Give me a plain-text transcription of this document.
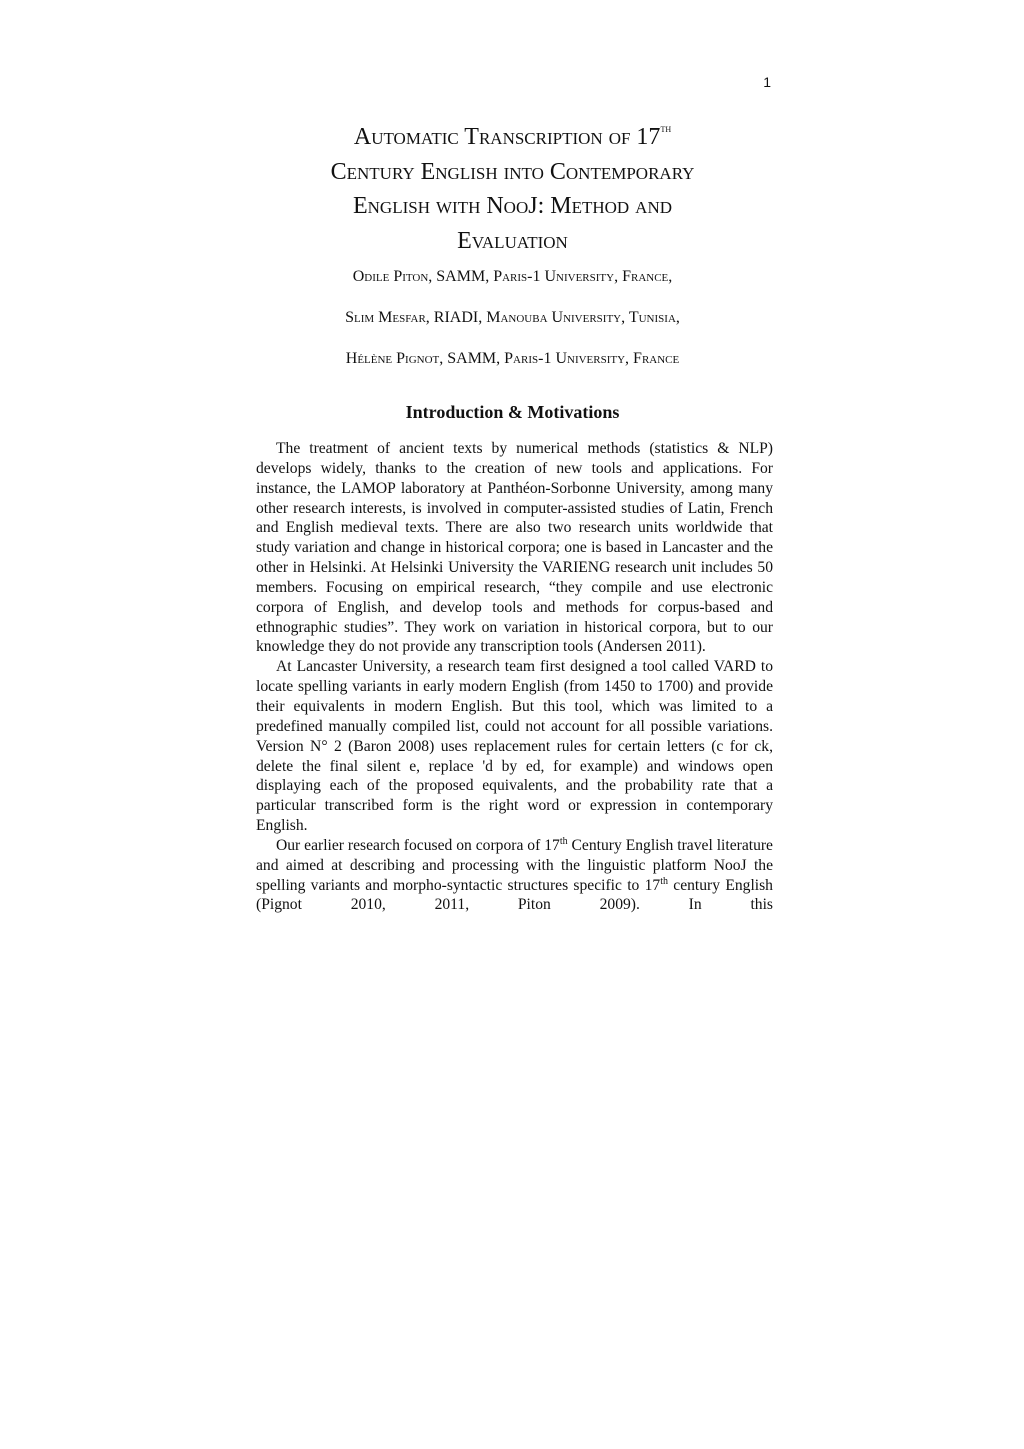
1
Automatic Transcription of 17th
Century English into Contemporary
English with NooJ: Method and
Evaluation
Odile Piton, SAMM, Paris-1 University, France,
Slim Mesfar, RIADI, Manouba University, Tunisia,
Hélène Pignot, SAMM, Paris-1 University, France
Introduction & Motivations

The treatment of ancient texts by numerical methods (statistics & NLP) develops widely, thanks to the creation of new tools and applications. For instance, the LAMOP laboratory at Panthéon-Sorbonne University, among many other research interests, is involved in computer-assisted studies of Latin, French and English medieval texts. There are also two research units worldwide that study variation and change in historical corpora; one is based in Lancaster and the other in Helsinki. At Helsinki University the VARIENG research unit includes 50 members. Focusing on empirical research, “they compile and use electronic corpora of English, and develop tools and methods for corpus-based and ethnographic studies”. They work on variation in historical corpora, but to our knowledge they do not provide any transcription tools (Andersen 2011).

At Lancaster University, a research team first designed a tool called VARD to locate spelling variants in early modern English (from 1450 to 1700) and provide their equivalents in modern English. But this tool, which was limited to a predefined manually compiled list, could not account for all possible variations. Version N° 2 (Baron 2008) uses replacement rules for certain letters (c for ck, delete the final silent e, replace 'd by ed, for example) and windows open displaying each of the proposed equivalents, and the probability rate that a particular transcribed form is the right word or expression in contemporary English.

Our earlier research focused on corpora of 17th Century English travel literature and aimed at describing and processing with the linguistic platform NooJ the spelling variants and morpho-syntactic structures specific to 17th century English (Pignot 2010, 2011, Piton 2009). In this
